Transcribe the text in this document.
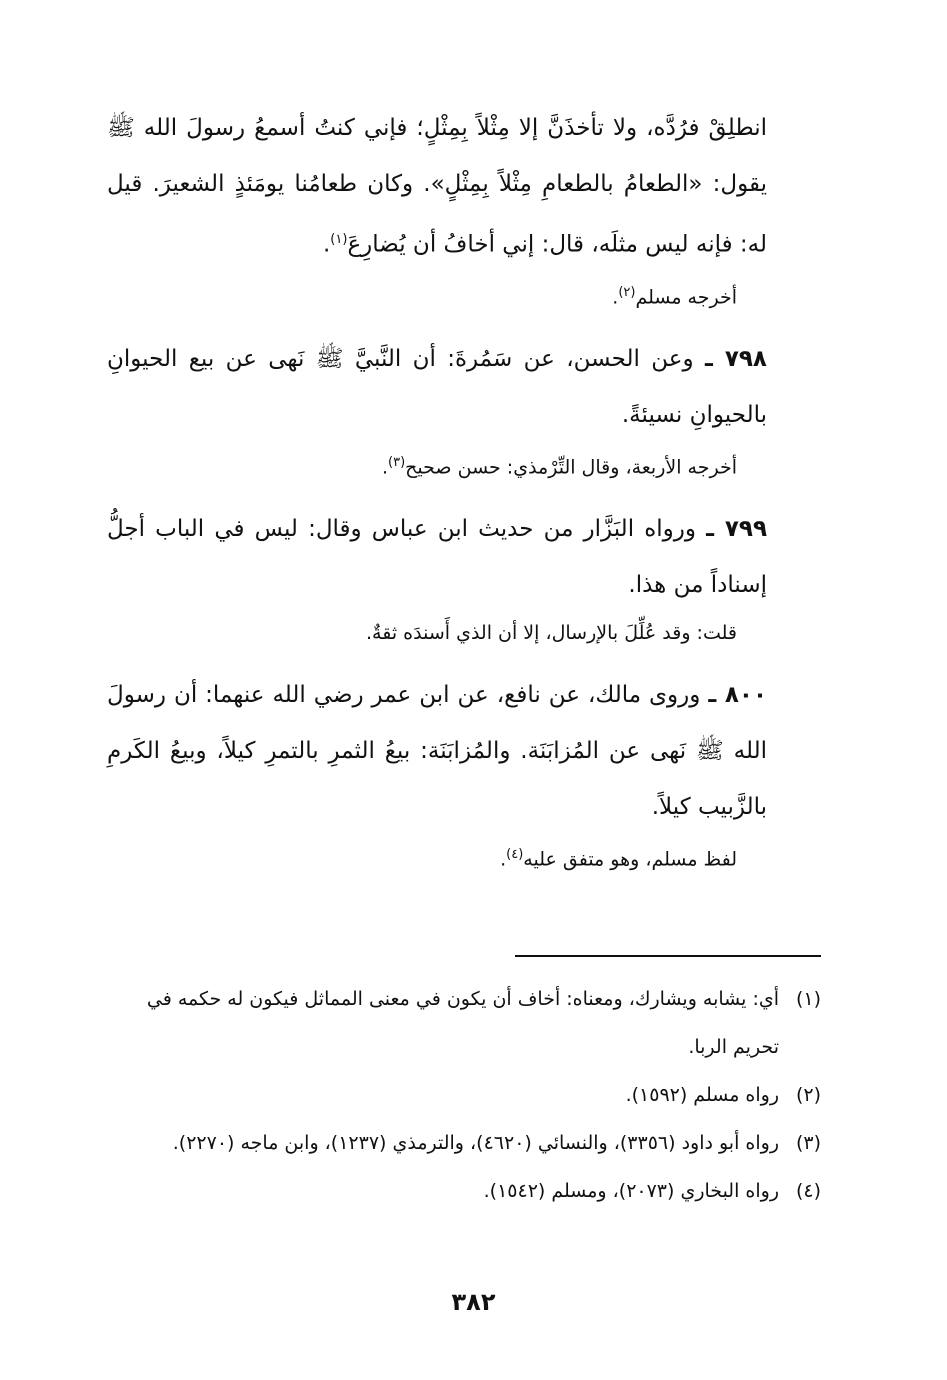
انطلِقْ فرُدَّه، ولا تأخذَنَّ إلا مِثْلاً بِمِثْلٍ؛ فإني كنتُ أسمعُ رسولَ الله ﷺ يقول: «الطعامُ بالطعامِ مِثْلاً بِمِثْلٍ». وكان طعامُنا يومَئذٍ الشعيرَ. قيل له: فإنه ليس مثلَه، قال: إني أخافُ أن يُضارِعَ$^{(١)}$.

أخرجه مسلم$^{(٢)}$.

٧٩٨ ـ وعن الحسن، عن سَمُرةَ: أن النَّبيَّ ﷺ نَهى عن بيع الحيوانِ بالحيوانِ نسيئةً.

أخرجه الأربعة، وقال التِّرْمذي: حسن صحيح$^{(٣)}$.

٧٩٩ ـ ورواه البَزَّار من حديث ابن عباس وقال: ليس في الباب أجلُّ إسناداً من هذا.

قلت: وقد عُلِّلَ بالإرسال، إلا أن الذي أَسندَه ثقةٌ.

٨٠٠ ـ وروى مالك، عن نافع، عن ابن عمر رضي الله عنهما: أن رسولَ الله ﷺ نَهى عن المُزابَنَة. والمُزابَنَة: بيعُ الثمرِ بالتمرِ كيلاً، وبيعُ الكَرمِ بالزَّبيب كيلاً.

لفظ مسلم، وهو متفق عليه$^{(٤)}$.

(١)
أي: يشابه ويشارك، ومعناه: أخاف أن يكون في معنى المماثل فيكون له حكمه في تحريم الربا.

(٢)
رواه مسلم (١٥٩٢).

(٣)
رواه أبو داود (٣٣٥٦)، والنسائي (٤٦٢٠)، والترمذي (١٢٣٧)، وابن ماجه (٢٢٧٠).

(٤)
رواه البخاري (٢٠٧٣)، ومسلم (١٥٤٢).

٣٨٢
